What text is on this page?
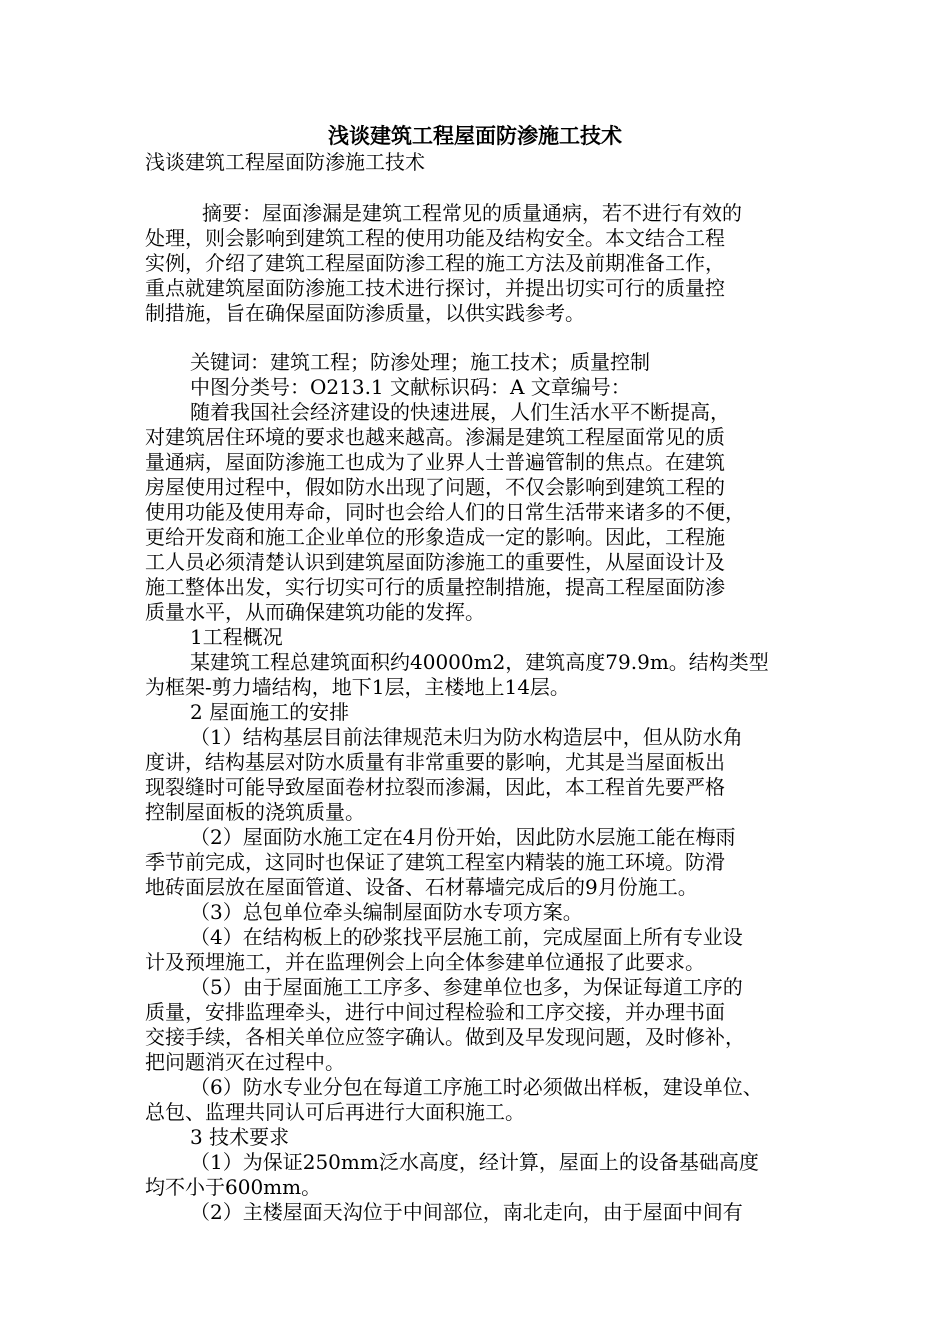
浅谈建筑工程屋面防渗施工技术

浅谈建筑工程屋面防渗施工技术

摘要：屋面渗漏是建筑工程常见的质量通病，若不进行有效的

处理，则会影响到建筑工程的使用功能及结构安全。本文结合工程

实例，介绍了建筑工程屋面防渗工程的施工方法及前期准备工作，

重点就建筑屋面防渗施工技术进行探讨，并提出切实可行的质量控

制措施，旨在确保屋面防渗质量，以供实践参考。

关键词：建筑工程；防渗处理；施工技术；质量控制

中图分类号：O213.1 文献标识码：A 文章编号：

随着我国社会经济建设的快速进展，人们生活水平不断提高，

对建筑居住环境的要求也越来越高。渗漏是建筑工程屋面常见的质

量通病，屋面防渗施工也成为了业界人士普遍管制的焦点。在建筑

房屋使用过程中，假如防水出现了问题，不仅会影响到建筑工程的

使用功能及使用寿命，同时也会给人们的日常生活带来诸多的不便，

更给开发商和施工企业单位的形象造成一定的影响。因此，工程施

工人员必须清楚认识到建筑屋面防渗施工的重要性，从屋面设计及

施工整体出发，实行切实可行的质量控制措施，提高工程屋面防渗

质量水平，从而确保建筑功能的发挥。

1工程概况

某建筑工程总建筑面积约40000m2，建筑高度79.9m。结构类型

为框架-剪力墙结构，地下1层，主楼地上14层。

2 屋面施工的安排

（1）结构基层目前法律规范未归为防水构造层中，但从防水角

度讲，结构基层对防水质量有非常重要的影响，尤其是当屋面板出

现裂缝时可能导致屋面卷材拉裂而渗漏，因此，本工程首先要严格

控制屋面板的浇筑质量。

（2）屋面防水施工定在4月份开始，因此防水层施工能在梅雨

季节前完成，这同时也保证了建筑工程室内精装的施工环境。防滑

地砖面层放在屋面管道、设备、石材幕墙完成后的9月份施工。

（3）总包单位牵头编制屋面防水专项方案。

（4）在结构板上的砂浆找平层施工前，完成屋面上所有专业设

计及预埋施工，并在监理例会上向全体参建单位通报了此要求。

（5）由于屋面施工工序多、参建单位也多，为保证每道工序的

质量，安排监理牵头，进行中间过程检验和工序交接，并办理书面

交接手续，各相关单位应签字确认。做到及早发现问题，及时修补，

把问题消灭在过程中。

（6）防水专业分包在每道工序施工时必须做出样板，建设单位、

总包、监理共同认可后再进行大面积施工。

3 技术要求

（1）为保证250mm泛水高度，经计算，屋面上的设备基础高度

均不小于600mm。

（2）主楼屋面天沟位于中间部位，南北走向，由于屋面中间有
